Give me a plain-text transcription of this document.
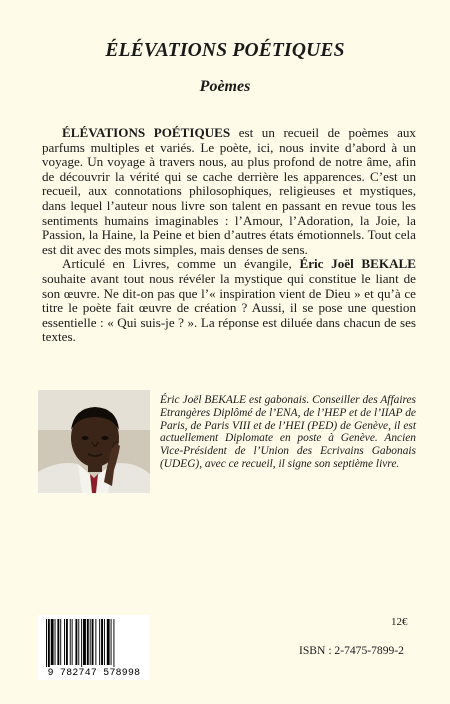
ÉLÉVATIONS POÉTIQUES
Poèmes

ÉLÉVATIONS POÉTIQUES est un recueil de poèmes aux parfums multiples et variés. Le poète, ici, nous invite d’abord à un voyage. Un voyage à travers nous, au plus profond de notre âme, afin de découvrir la vérité qui se cache derrière les apparences. C’est un recueil, aux connotations philosophiques, religieuses et mystiques, dans lequel l’auteur nous livre son talent en passant en revue tous les sentiments humains imaginables : l’Amour, l’Adoration, la Joie, la Passion, la Haine, la Peine et bien d’autres états émotionnels. Tout cela est dit avec des mots simples, mais denses de sens.

Articulé en Livres, comme un évangile, Éric Joël BEKALE souhaite avant tout nous révéler la mystique qui constitue le liant de son œuvre. Ne dit-on pas que l’« inspiration vient de Dieu » et qu’à ce titre le poète fait œuvre de création ? Aussi, il se pose une question essentielle : « Qui suis-je ? ». La réponse est diluée dans chacun de ses textes.

Éric Joël BEKALE est gabonais. Conseiller des Affaires Etrangères Diplômé de l’ENA, de l’HEP et de l’IIAP de Paris, de Paris VIII et de l’HEI (PED) de Genève, il est actuellement Diplomate en poste à Genève. Ancien Vice-Président de l’Union des Ecrivains Gabonais (UDEG), avec ce recueil, il signe son septième livre.
12€
9 782747 578998
ISBN : 2-7475-7899-2
